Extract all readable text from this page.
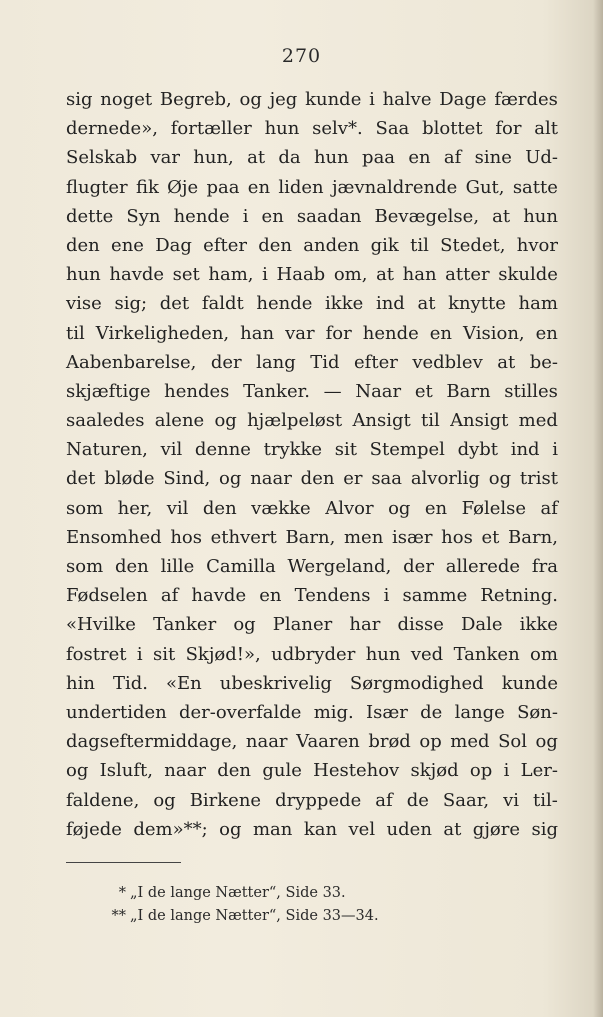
270
sig noget Begreb, og jeg kunde i halve Dage færdes
dernede», fortæller hun selv*. Saa blottet for alt
Selskab var hun, at da hun paa en af sine Ud-
flugter fik Øje paa en liden jævnaldrende Gut, satte
dette Syn hende i en saadan Bevægelse, at hun
den ene Dag efter den anden gik til Stedet, hvor
hun havde set ham, i Haab om, at han atter skulde
vise sig; det faldt hende ikke ind at knytte ham
til Virkeligheden, han var for hende en Vision, en
Aabenbarelse, der lang Tid efter vedblev at be-
skjæftige hendes Tanker. — Naar et Barn stilles
saaledes alene og hjælpeløst Ansigt til Ansigt med
Naturen, vil denne trykke sit Stempel dybt ind i
det bløde Sind, og naar den er saa alvorlig og trist
som her, vil den vække Alvor og en Følelse af
Ensomhed hos ethvert Barn, men især hos et Barn,
som den lille Camilla Wergeland, der allerede fra
Fødselen af havde en Tendens i samme Retning.
«Hvilke Tanker og Planer har disse Dale ikke
fostret i sit Skjød!», udbryder hun ved Tanken om
hin Tid. «En ubeskrivelig Sørgmodighed kunde
undertiden der-overfalde mig. Især de lange Søn-
dagseftermiddage, naar Vaaren brød op med Sol og
og Isluft, naar den gule Hestehov skjød op i Ler-
faldene, og Birkene dryppede af de Saar, vi til-
føjede dem»**; og man kan vel uden at gjøre sig
* „I de lange Nætter“, Side 33.
** „I de lange Nætter“, Side 33—34.
